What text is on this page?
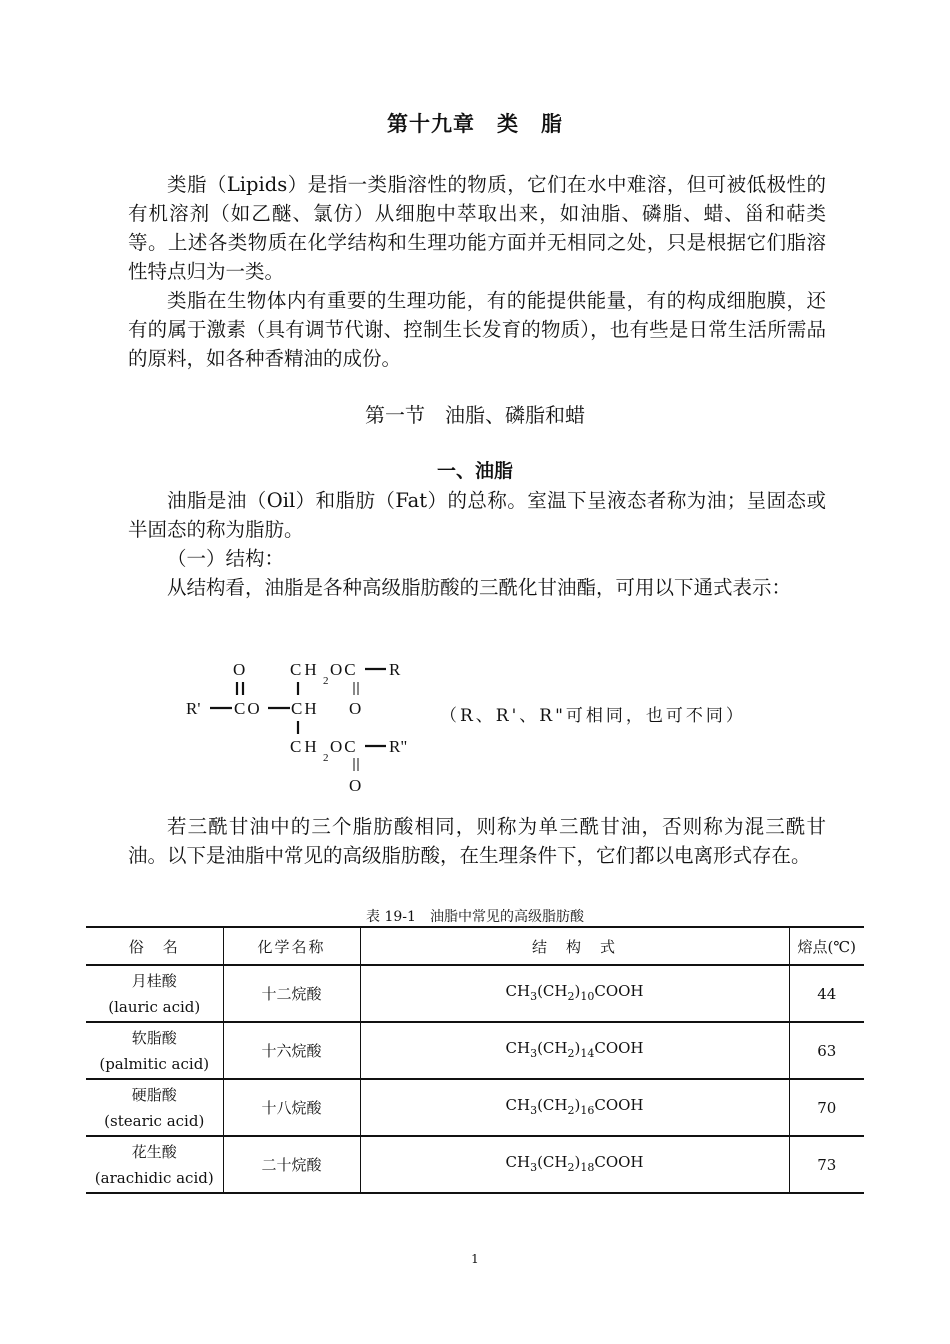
第十九章　类　脂

类脂（Lipids）是指一类脂溶性的物质，它们在水中难溶，但可被低极性的有机溶剂（如乙醚、氯仿）从细胞中萃取出来，如油脂、磷脂、蜡、甾和萜类等。上述各类物质在化学结构和生理功能方面并无相同之处，只是根据它们脂溶性特点归为一类。

类脂在生物体内有重要的生理功能，有的能提供能量，有的构成细胞膜，还有的属于激素（具有调节代谢、控制生长发育的物质），也有些是日常生活所需品的原料，如各种香精油的成份。

第一节　油脂、磷脂和蜡
一、油脂

油脂是油（Oil）和脂肪（Fat）的总称。室温下呈液态者称为油；呈固态或半固态的称为脂肪。

（一）结构：

从结构看，油脂是各种高级脂肪酸的三酰化甘油酯，可用以下通式表示：

O	CH
2
OC R
R' CO CH O
CH
2
OC R"
O
（R、R'、R"可相同，也可不同）

若三酰甘油中的三个脂肪酸相同，则称为单三酰甘油，否则称为混三酰甘油。以下是油脂中常见的高级脂肪酸，在生理条件下，它们都以电离形式存在。

表 19-1　油脂中常见的高级脂肪酸
俗　名	化学名称	结　构　式	熔点(℃)

月桂酸
(lauric acid)	十二烷酸	$CH_3(CH_2)_{10}COOH$	44

软脂酸
(palmitic acid)	十六烷酸	$CH_3(CH_2)_{14}COOH$	63

硬脂酸
(stearic acid)	十八烷酸	$CH_3(CH_2)_{16}COOH$	70

花生酸
(arachidic acid)	二十烷酸	$CH_3(CH_2)_{18}COOH$	73
1
